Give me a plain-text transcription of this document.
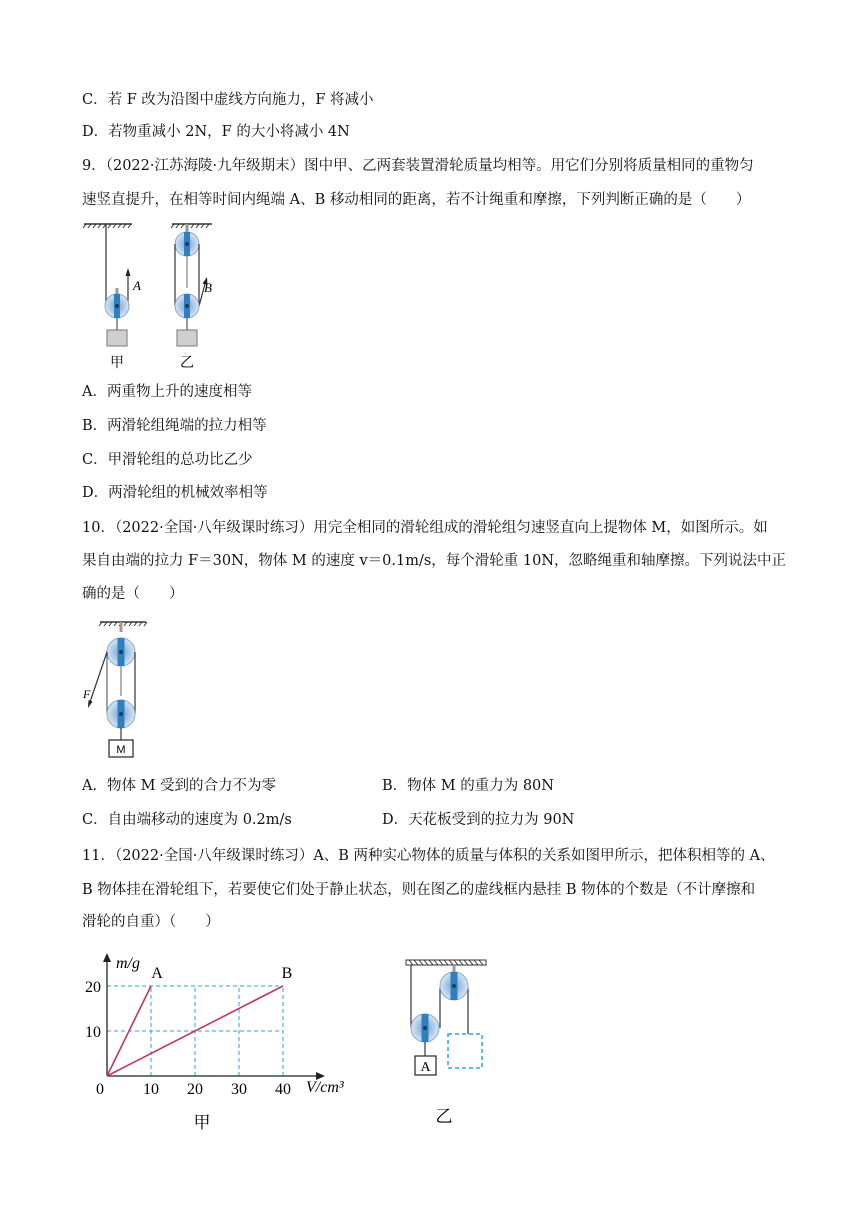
C．若 F 改为沿图中虚线方向施力，F 将减小
D．若物重减小 2N，F 的大小将减小 4N
9．（2022·江苏海陵·九年级期末）图中甲、乙两套装置滑轮质量均相等。用它们分别将质量相同的重物匀
速竖直提升，在相等时间内绳端 A、B 移动相同的距离，若不计绳重和摩擦，下列判断正确的是（　　）
A
甲
B
乙
A．两重物上升的速度相等
B．两滑轮组绳端的拉力相等
C．甲滑轮组的总功比乙少
D．两滑轮组的机械效率相等
10．（2022·全国·八年级课时练习）用完全相同的滑轮组成的滑轮组匀速竖直向上提物体 M，如图所示。如
果自由端的拉力 F＝30N，物体 M 的速度 v＝0.1m/s，每个滑轮重 10N，忽略绳重和轴摩擦。下列说法中正
确的是（　　）
F
M
A．物体 M 受到的合力不为零	B．物体 M 的重力为 80N
C．自由端移动的速度为 0.2m/s	D．天花板受到的拉力为 90N
11．（2022·全国·八年级课时练习）A、B 两种实心物体的质量与体积的关系如图甲所示，把体积相等的 A、
B 物体挂在滑轮组下，若要使它们处于静止状态，则在图乙的虚线框内悬挂 B 物体的个数是（不计摩擦和
滑轮的自重）（　　）
10
20
10 20 30 40
A	B
m/g
V/cm³
0
甲
A
乙
